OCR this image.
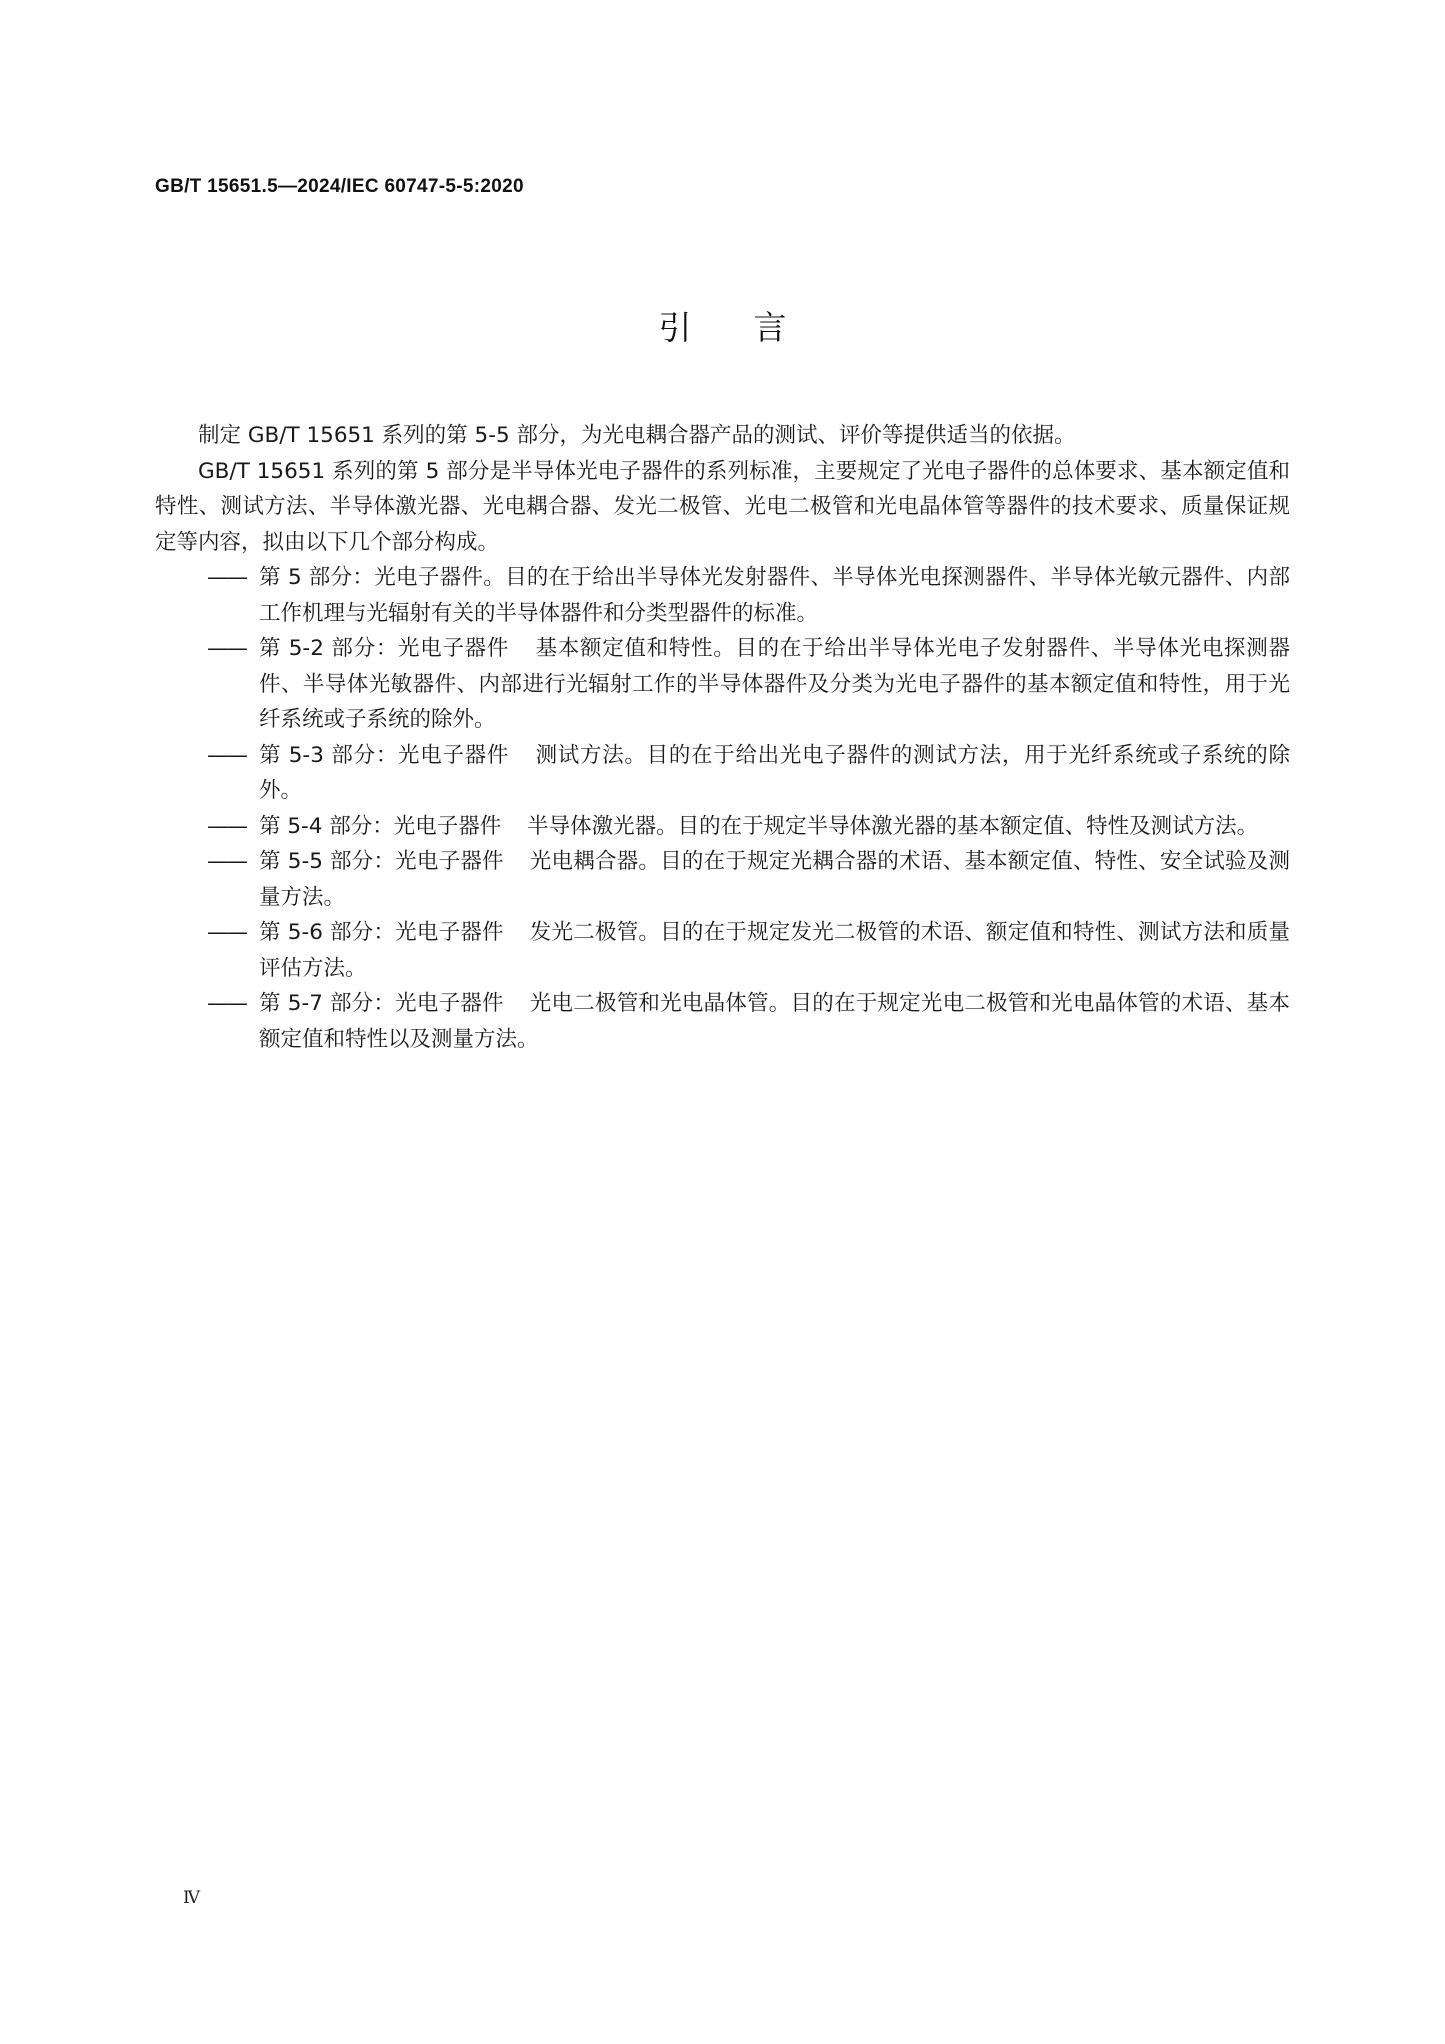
GB/T 15651.5—2024/IEC 60747-5-5:2020
引言

制定 GB/T 15651 系列的第 5-5 部分，为光电耦合器产品的测试、评价等提供适当的依据。

GB/T 15651 系列的第 5 部分是半导体光电子器件的系列标准，主要规定了光电子器件的总体要求、基本额定值和特性、测试方法、半导体激光器、光电耦合器、发光二极管、光电二极管和光电晶体管等器件的技术要求、质量保证规定等内容，拟由以下几个部分构成。

—— 第 5 部分：光电子器件。目的在于给出半导体光发射器件、半导体光电探测器件、半导体光敏元器件、内部工作机理与光辐射有关的半导体器件和分类型器件的标准。
—— 第 5-2 部分：光电子器件 基本额定值和特性。目的在于给出半导体光电子发射器件、半导体光电探测器件、半导体光敏器件、内部进行光辐射工作的半导体器件及分类为光电子器件的基本额定值和特性，用于光纤系统或子系统的除外。
—— 第 5-3 部分：光电子器件 测试方法。目的在于给出光电子器件的测试方法，用于光纤系统或子系统的除外。
—— 第 5-4 部分：光电子器件 半导体激光器。目的在于规定半导体激光器的基本额定值、特性及测试方法。
—— 第 5-5 部分：光电子器件 光电耦合器。目的在于规定光耦合器的术语、基本额定值、特性、安全试验及测量方法。
—— 第 5-6 部分：光电子器件 发光二极管。目的在于规定发光二极管的术语、额定值和特性、测试方法和质量评估方法。
—— 第 5-7 部分：光电子器件 光电二极管和光电晶体管。目的在于规定光电二极管和光电晶体管的术语、基本额定值和特性以及测量方法。
Ⅳ
